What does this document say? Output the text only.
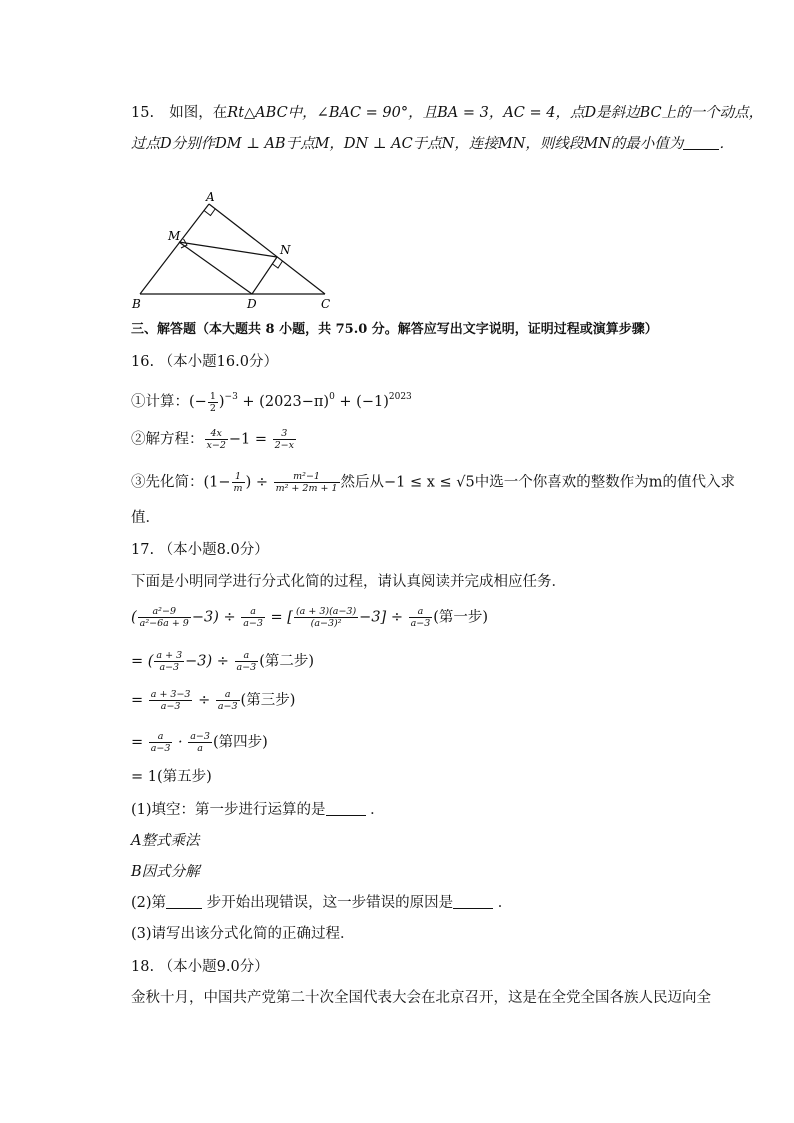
15. 如图，在Rt△ABC中，∠BAC = 90°，且BA = 3，AC = 4，点D是斜边BC上的一个动点，
过点D分别作DM ⊥ AB于点M，DN ⊥ AC于点N，连接MN，则线段MN的最小值为 ．
A
B	C
D
M
N
三、解答题（本大题共 8 小题，共 75.0 分。解答应写出文字说明，证明过程或演算步骤）
16. （本小题16.0分）
①计算：(− $\frac{1}{2} )^{-3} + (2023-\pi)^0 + (-1)^{2023}$
②解方程： $\frac{4x}{x-2} -1 = \frac{3}{2-x}$
③先化简：($1- \frac{1}{m}$ ) ÷ $\frac{\text{m²−1}}{\text{m² + 2m + 1}}$ 然后从−1 ≤ x ≤ √5中选一个你喜欢的整数作为m的值代入求
值．
17. （本小题8.0分）
下面是小明同学进行分式化简的过程，请认真阅读并完成相应任务．
( $\frac{\text{a²−9}}{\text{a²−6a + 9}} -3) \div \frac{a}{a-3}$ = [ $\frac{(a + 3)(a-3)}{\text{(a−3)²}} -3] \div \frac{a}{a-3}$ (第一步)
= ( $\frac{a + 3}{a-3} -3) \div \frac{a}{a-3}$ (第二步)
= $\frac{a + 3-3}{a-3} \div \frac{a}{a-3}$ (第三步)
= $\frac{a}{a-3} \cdot \frac{a-3}{a}$ (第四步)
= 1(第五步)
(1)填空：第一步进行运算的是	．
A整式乘法
B因式分解
(2)第	步开始出现错误，这一步错误的原因是	．
(3)请写出该分式化简的正确过程．
18. （本小题9.0分）
金秋十月，中国共产党第二十次全国代表大会在北京召开，这是在全党全国各族人民迈向全
